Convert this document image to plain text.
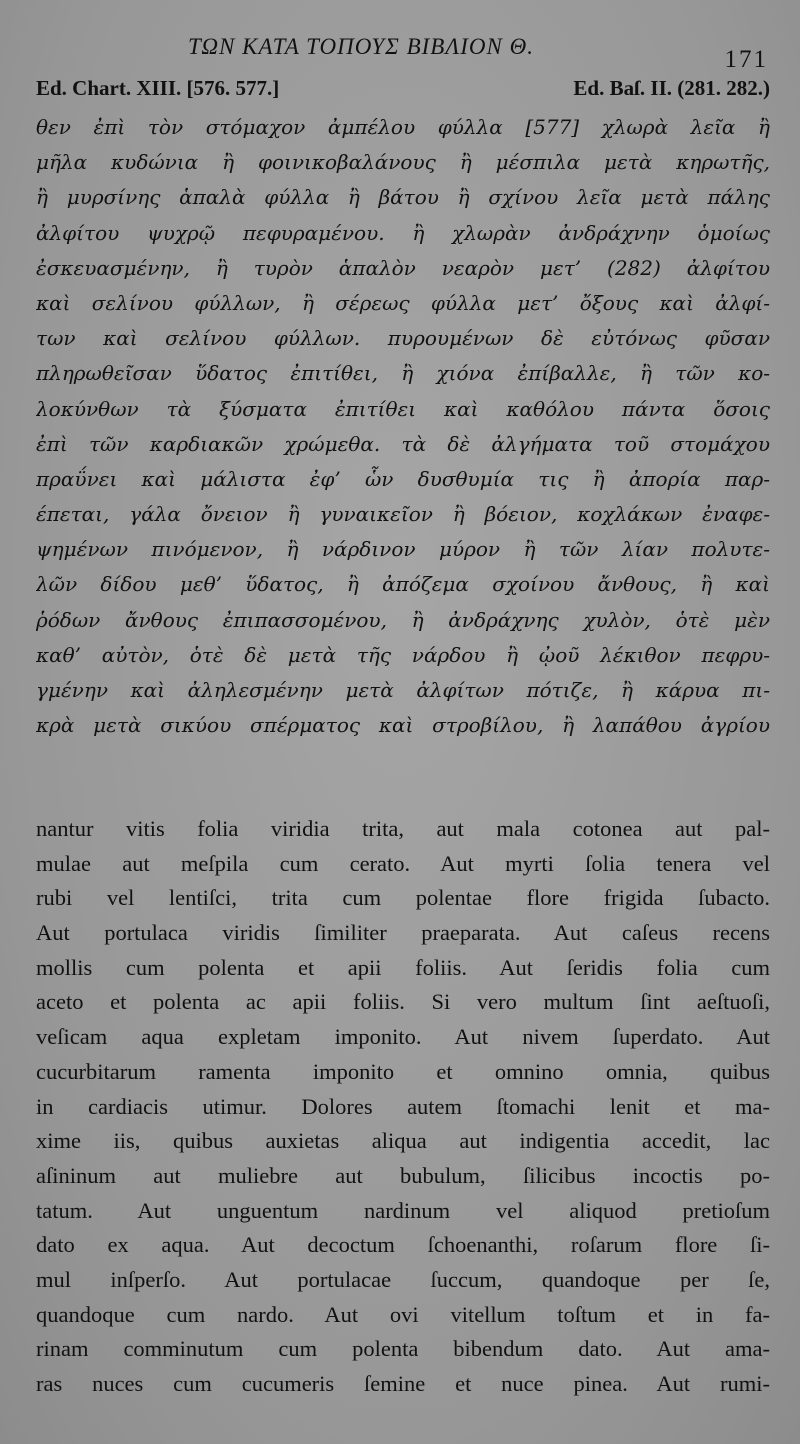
ΤΩΝ ΚΑΤΑ ΤΟΠΟΥΣ ΒΙΒΛΙΟΝ Θ.	171
Ed. Chart. XIII. [576. 577.]	Ed. Baſ. II. (281. 282.)
θεν ἐπὶ τὸν στόμαχον ἀμπέλου φύλλα [577] χλωρὰ λεῖα ἢ
μῆλα κυδώνια ἢ φοινικοβαλάνους ἢ μέσπιλα μετὰ κηρωτῆς,
ἢ μυρσίνης ἁπαλὰ φύλλα ἢ βάτου ἢ σχίνου λεῖα μετὰ πάλης
ἀλφίτου ψυχρῷ πεφυραμένου. ἢ χλωρὰν ἀνδράχνην ὁμοίως
ἐσκευασμένην, ἢ τυρὸν ἁπαλὸν νεαρὸν μετ’ (282) ἀλφίτου
καὶ σελίνου φύλλων, ἢ σέρεως φύλλα μετ’ ὄξους καὶ ἀλφί-
των καὶ σελίνου φύλλων. πυρουμένων δὲ εὐτόνως φῦσαν
πληρωθεῖσαν ὕδατος ἐπιτίθει, ἢ χιόνα ἐπίβαλλε, ἢ τῶν κο-
λοκύνθων τὰ ξύσματα ἐπιτίθει καὶ καθόλου πάντα ὅσοις
ἐπὶ τῶν καρδιακῶν χρώμεθα. τὰ δὲ ἀλγήματα τοῦ στομάχου
πραΰνει καὶ μάλιστα ἐφ’ ὧν δυσθυμία τις ἢ ἀπορία παρ-
έπεται, γάλα ὄνειον ἢ γυναικεῖον ἢ βόειον, κοχλάκων ἐναφε-
ψημένων πινόμενον, ἢ νάρδινον μύρον ἢ τῶν λίαν πολυτε-
λῶν δίδου μεθ’ ὕδατος, ἢ ἀπόζεμα σχοίνου ἄνθους, ἢ καὶ
ῥόδων ἄνθους ἐπιπασσομένου, ἢ ἀνδράχνης χυλὸν, ὁτὲ μὲν
καθ’ αὐτὸν, ὁτὲ δὲ μετὰ τῆς νάρδου ἢ ᾠοῦ λέκιθον πεφρυ-
γμένην καὶ ἀληλεσμένην μετὰ ἀλφίτων πότιζε, ἢ κάρυα πι-
κρὰ μετὰ σικύου σπέρματος καὶ στροβίλου, ἢ λαπάθου ἀγρίου
nantur vitis folia viridia trita, aut mala cotonea aut pal-
mulae aut meſpila cum cerato. Aut myrti ſolia tenera vel
rubi vel lentiſci, trita cum polentae flore frigida ſubacto.
Aut portulaca viridis ſimiliter praeparata. Aut caſeus recens
mollis cum polenta et apii foliis. Aut ſeridis folia cum
aceto et polenta ac apii foliis. Si vero multum ſint aeſtuoſi,
veſicam aqua expletam imponito. Aut nivem ſuperdato. Aut
cucurbitarum ramenta imponito et omnino omnia, quibus
in cardiacis utimur. Dolores autem ſtomachi lenit et ma-
xime iis, quibus auxietas aliqua aut indigentia accedit, lac
aſininum aut muliebre aut bubulum, ſilicibus incoctis po-
tatum. Aut unguentum nardinum vel aliquod pretioſum
dato ex aqua. Aut decoctum ſchoenanthi, roſarum flore ſi-
mul inſperſo. Aut portulacae ſuccum, quandoque per ſe,
quandoque cum nardo. Aut ovi vitellum toſtum et in fa-
rinam comminutum cum polenta bibendum dato. Aut ama-
ras nuces cum cucumeris ſemine et nuce pinea. Aut rumi-
